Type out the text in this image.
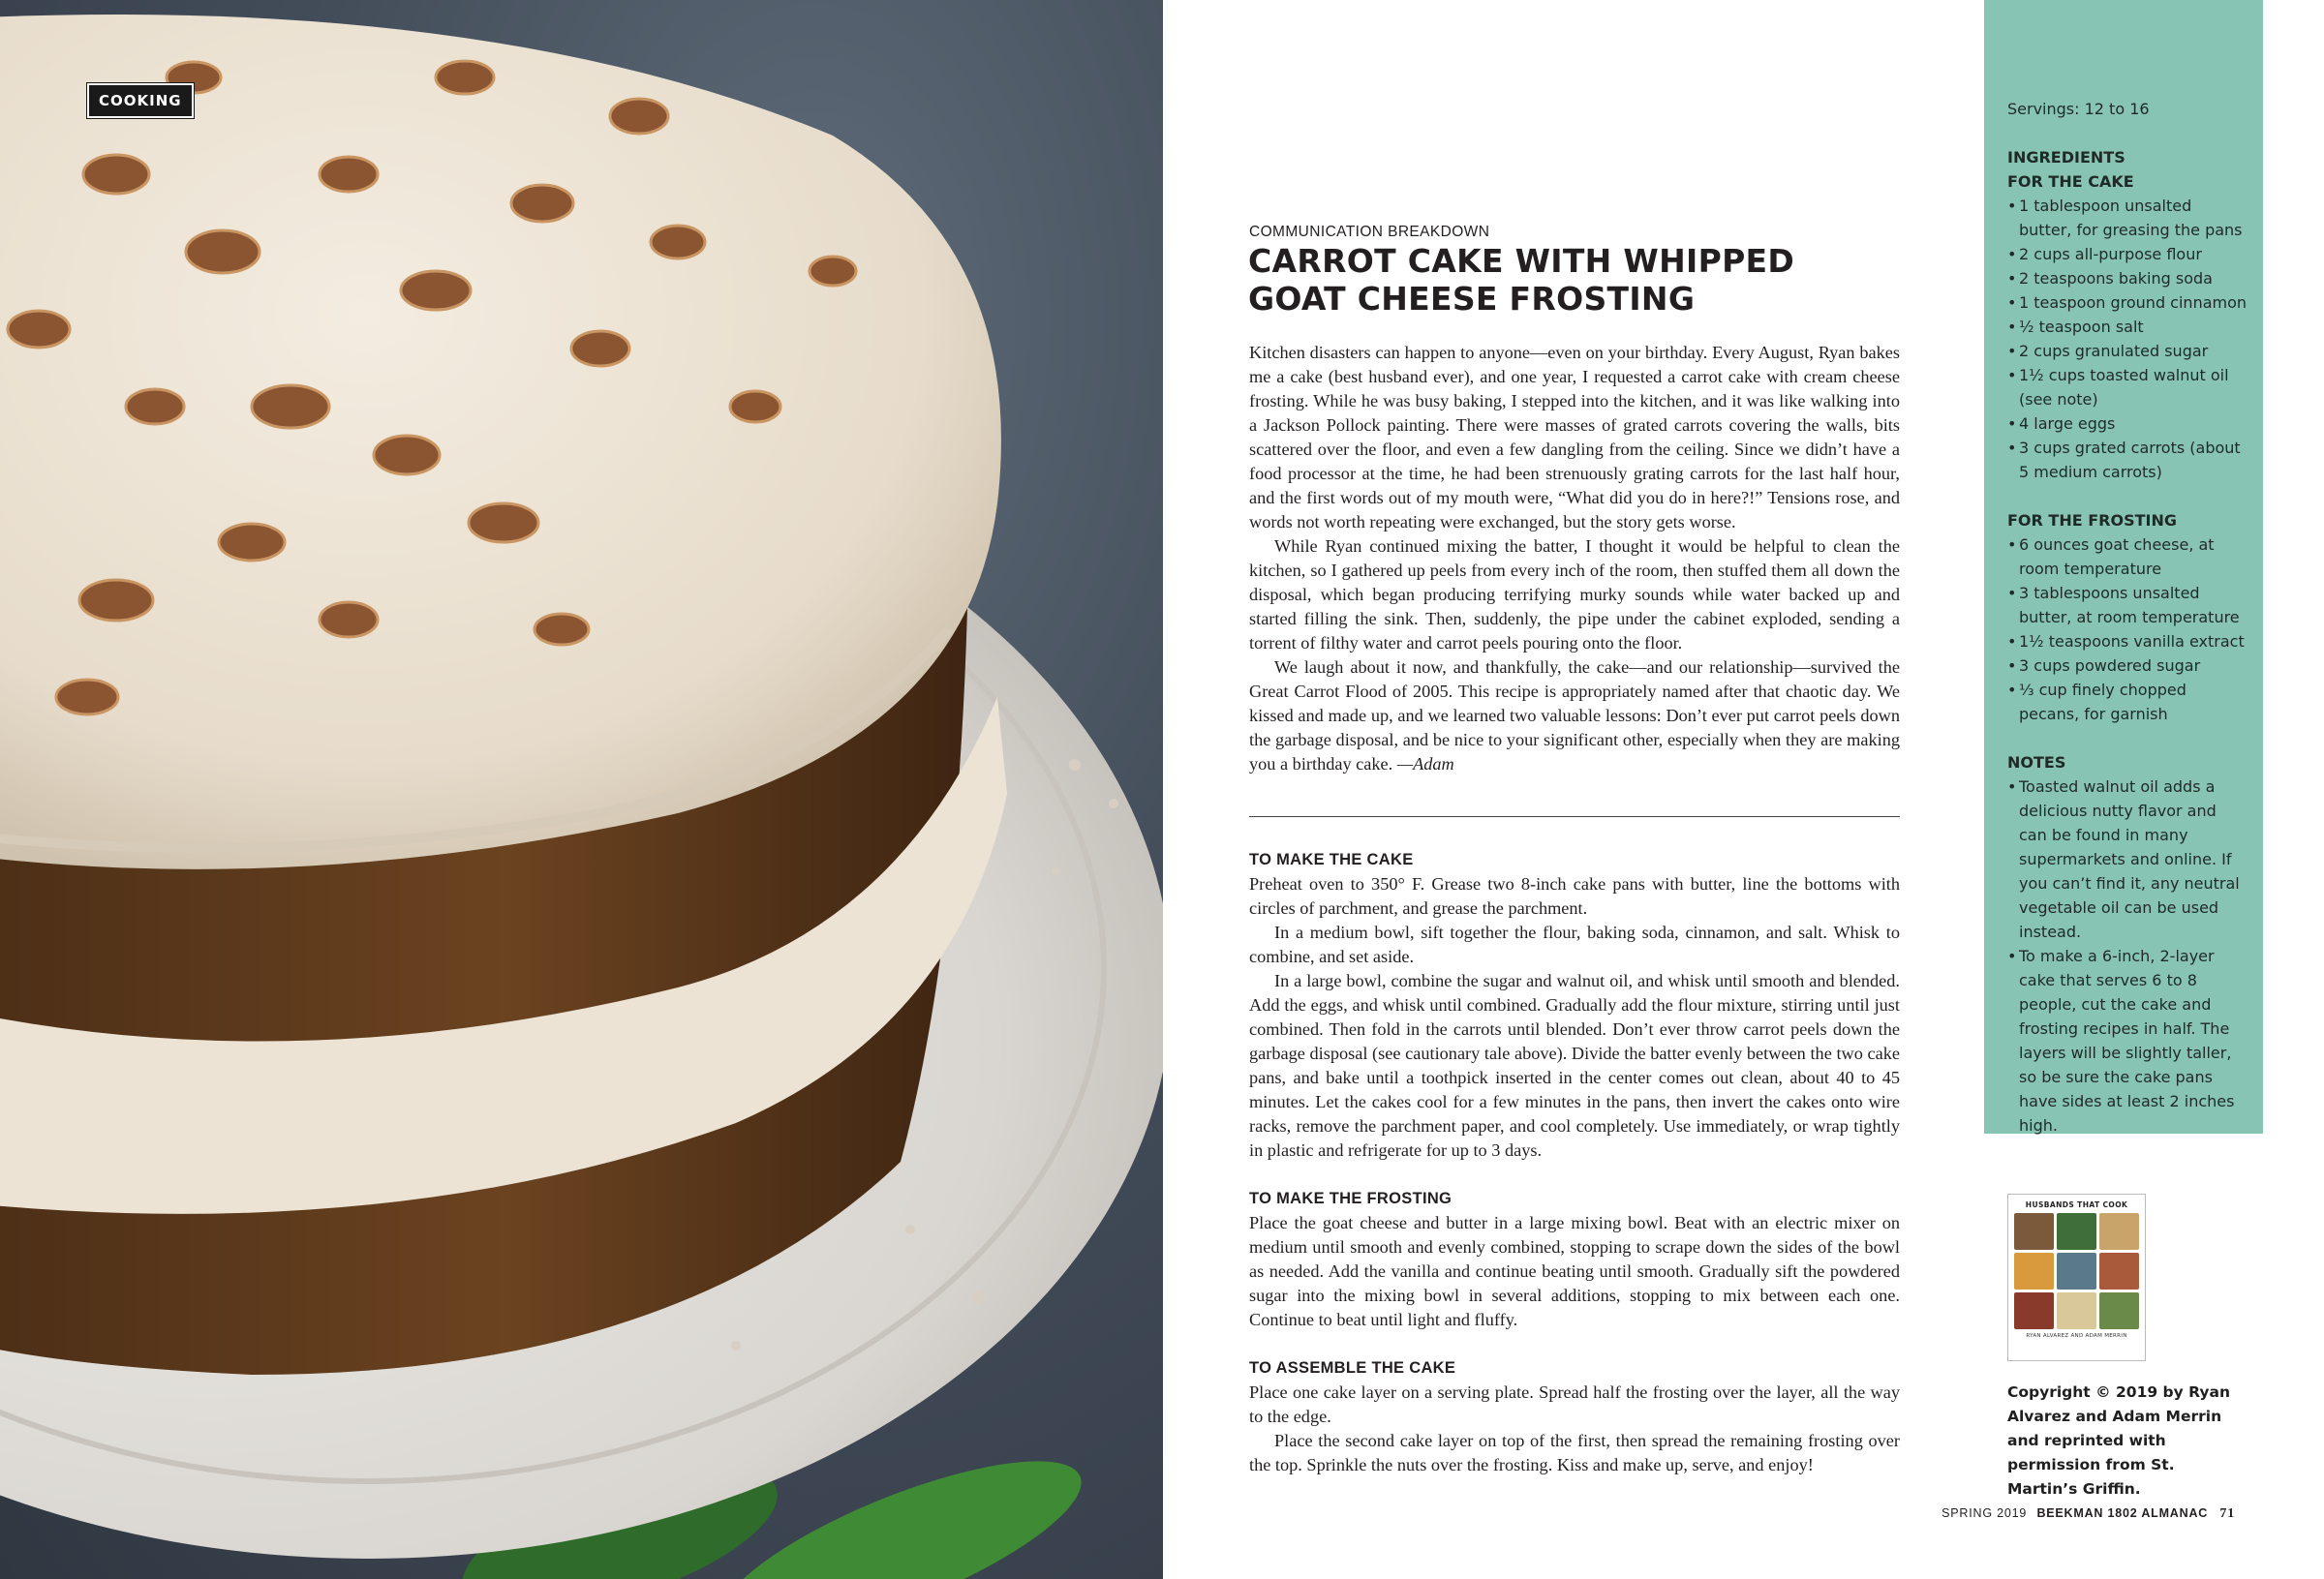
COOKING
COMMUNICATION BREAKDOWN
CARROT CAKE WITH WHIPPED
GOAT CHEESE FROSTING

Kitchen disasters can happen to anyone—even on your birthday. Every August, Ryan bakes me a cake (best husband ever), and one year, I requested a carrot cake with cream cheese frosting. While he was busy baking, I stepped into the kitchen, and it was like walking into a Jackson Pollock painting. There were masses of grated carrots covering the walls, bits scattered over the floor, and even a few dangling from the ceiling. Since we didn’t have a food processor at the time, he had been strenuously grating carrots for the last half hour, and the first words out of my mouth were, “What did you do in here?!” Tensions rose, and words not worth repeating were exchanged, but the story gets worse.

While Ryan continued mixing the batter, I thought it would be helpful to clean the kitchen, so I gathered up peels from every inch of the room, then stuffed them all down the disposal, which began producing terrifying murky sounds while water backed up and started filling the sink. Then, suddenly, the pipe under the cabinet exploded, sending a torrent of filthy water and carrot peels pouring onto the floor.

We laugh about it now, and thankfully, the cake—and our relationship—survived the Great Carrot Flood of 2005. This recipe is appropriately named after that chaotic day. We kissed and made up, and we learned two valuable lessons: Don’t ever put carrot peels down the garbage disposal, and be nice to your significant other, especially when they are making you a birthday cake. —Adam

TO MAKE THE CAKE

Preheat oven to 350° F. Grease two 8-inch cake pans with butter, line the bottoms with circles of parchment, and grease the parchment.

In a medium bowl, sift together the flour, baking soda, cinnamon, and salt. Whisk to combine, and set aside.

In a large bowl, combine the sugar and walnut oil, and whisk until smooth and blended. Add the eggs, and whisk until combined. Gradually add the flour mixture, stirring until just combined. Then fold in the carrots until blended. Don’t ever throw carrot peels down the garbage disposal (see cautionary tale above). Divide the batter evenly between the two cake pans, and bake until a toothpick inserted in the center comes out clean, about 40 to 45 minutes. Let the cakes cool for a few minutes in the pans, then invert the cakes onto wire racks, remove the parchment paper, and cool completely. Use immediately, or wrap tightly in plastic and refrigerate for up to 3 days.

TO MAKE THE FROSTING

Place the goat cheese and butter in a large mixing bowl. Beat with an electric mixer on medium until smooth and evenly combined, stopping to scrape down the sides of the bowl as needed. Add the vanilla and continue beating until smooth. Gradually sift the powdered sugar into the mixing bowl in several additions, stopping to mix between each one. Continue to beat until light and fluffy.

TO ASSEMBLE THE CAKE

Place one cake layer on a serving plate. Spread half the frosting over the layer, all the way to the edge.

Place the second cake layer on top of the first, then spread the remaining frosting over the top. Sprinkle the nuts over the frosting. Kiss and make up, serve, and enjoy!

Servings: 12 to 16
INGREDIENTS
FOR THE CAKE
• 1 tablespoon unsalted butter, for greasing the pans
• 2 cups all-purpose flour
• 2 teaspoons baking soda
• 1 teaspoon ground cinnamon
• ½ teaspoon salt
• 2 cups granulated sugar
• 1½ cups toasted walnut oil (see note)
• 4 large eggs
• 3 cups grated carrots (about 5 medium carrots)
FOR THE FROSTING
• 6 ounces goat cheese, at room temperature
• 3 tablespoons unsalted butter, at room temperature
• 1½ teaspoons vanilla extract
• 3 cups powdered sugar
• ⅓ cup finely chopped pecans, for garnish
NOTES
• Toasted walnut oil adds a delicious nutty flavor and can be found in many supermarkets and online. If you can’t find it, any neutral vegetable oil can be used instead.
• To make a 6-inch, 2-layer cake that serves 6 to 8 people, cut the cake and frosting recipes in half. The layers will be slightly taller, so be sure the cake pans have sides at least 2 inches high.
HUSBANDS THAT COOK
RYAN ALVAREZ AND ADAM MERRIN
Copyright © 2019 by Ryan Alvarez and Adam Merrin and reprinted with permission from St. Martin’s Griffin.
SPRING 2019 BEEKMAN 1802 ALMANAC 71
